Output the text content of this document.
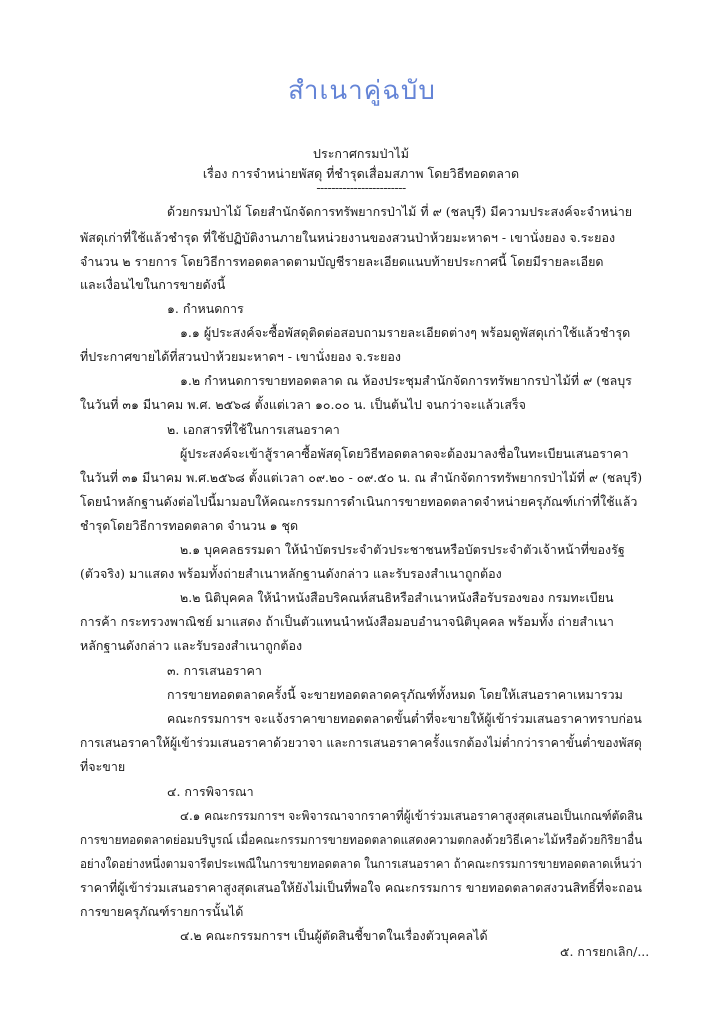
สำเนาคู่ฉบับ
ประกาศกรมป่าไม้
เรื่อง การจำหน่ายพัสดุ ที่ชำรุดเสื่อมสภาพ โดยวิธีทอดตลาด
------------------------
ด้วยกรมป่าไม้ โดยสำนักจัดการทรัพยากรป่าไม้ ที่ ๙ (ชลบุรี) มีความประสงค์จะจำหน่าย
พัสดุเก่าที่ใช้แล้วชำรุด ที่ใช้ปฏิบัติงานภายในหน่วยงานของสวนป่าห้วยมะหาดฯ - เขานั่งยอง จ.ระยอง
จำนวน ๒ รายการ โดยวิธีการทอดตลาดตามบัญชีรายละเอียดแนบท้ายประกาศนี้ โดยมีรายละเอียด
และเงื่อนไขในการขายดังนี้
๑. กำหนดการ
๑.๑ ผู้ประสงค์จะซื้อพัสดุติดต่อสอบถามรายละเอียดต่างๆ พร้อมดูพัสดุเก่าใช้แล้วชำรุด
ที่ประกาศขายได้ที่สวนป่าห้วยมะหาดฯ - เขานั่งยอง จ.ระยอง
๑.๒ กำหนดการขายทอดตลาด ณ ห้องประชุมสำนักจัดการทรัพยากรป่าไม้ที่ ๙ (ชลบุร
ในวันที่ ๓๑ มีนาคม พ.ศ. ๒๕๖๘ ตั้งแต่เวลา ๑๐.๐๐ น. เป็นต้นไป จนกว่าจะแล้วเสร็จ
๒. เอกสารที่ใช้ในการเสนอราคา
ผู้ประสงค์จะเข้าสู้ราคาซื้อพัสดุโดยวิธีทอดตลาดจะต้องมาลงชื่อในทะเบียนเสนอราคา
ในวันที่ ๓๑ มีนาคม พ.ศ.๒๕๖๘ ตั้งแต่เวลา ๐๙.๒๐ - ๐๙.๕๐ น. ณ สำนักจัดการทรัพยากรป่าไม้ที่ ๙ (ชลบุรี)
โดยนำหลักฐานดังต่อไปนี้มามอบให้คณะกรรมการดำเนินการขายทอดตลาดจำหน่ายครุภัณฑ์เก่าที่ใช้แล้ว
ชำรุดโดยวิธีการทอดตลาด จำนวน ๑ ชุด
๒.๑ บุคคลธรรมดา ให้นำบัตรประจำตัวประชาชนหรือบัตรประจำตัวเจ้าหน้าที่ของรัฐ
(ตัวจริง) มาแสดง พร้อมทั้งถ่ายสำเนาหลักฐานดังกล่าว และรับรองสำเนาถูกต้อง
๒.๒ นิติบุคคล ให้นำหนังสือบริคณห์สนธิหรือสำเนาหนังสือรับรองของ กรมทะเบียน
การค้า กระทรวงพาณิชย์ มาแสดง ถ้าเป็นตัวแทนนำหนังสือมอบอำนาจนิติบุคคล พร้อมทั้ง ถ่ายสำเนา
หลักฐานดังกล่าว และรับรองสำเนาถูกต้อง
๓. การเสนอราคา
การขายทอดตลาดครั้งนี้ จะขายทอดตลาดครุภัณฑ์ทั้งหมด โดยให้เสนอราคาเหมารวม
คณะกรรมการฯ จะแจ้งราคาขายทอดตลาดขั้นต่ำที่จะขายให้ผู้เข้าร่วมเสนอราคาทราบก่อน
การเสนอราคาให้ผู้เข้าร่วมเสนอราคาด้วยวาจา และการเสนอราคาครั้งแรกต้องไม่ต่ำกว่าราคาขั้นต่ำของพัสดุ
ที่จะขาย
๔. การพิจารณา
๔.๑ คณะกรรมการฯ จะพิจารณาจากราคาที่ผู้เข้าร่วมเสนอราคาสูงสุดเสนอเป็นเกณฑ์ตัดสิน
การขายทอดตลาดย่อมบริบูรณ์ เมื่อคณะกรรมการขายทอดตลาดแสดงความตกลงด้วยวิธีเคาะไม้หรือด้วยกิริยาอื่น
อย่างใดอย่างหนึ่งตามจารีตประเพณีในการขายทอดตลาด ในการเสนอราคา ถ้าคณะกรรมการขายทอดตลาดเห็นว่า
ราคาที่ผู้เข้าร่วมเสนอราคาสูงสุดเสนอให้ยังไม่เป็นที่พอใจ คณะกรรมการ ขายทอดตลาดสงวนสิทธิ์ที่จะถอน
การขายครุภัณฑ์รายการนั้นได้
๔.๒ คณะกรรมการฯ เป็นผู้ตัดสินชี้ขาดในเรื่องตัวบุคคลได้
๕. การยกเลิก/...
